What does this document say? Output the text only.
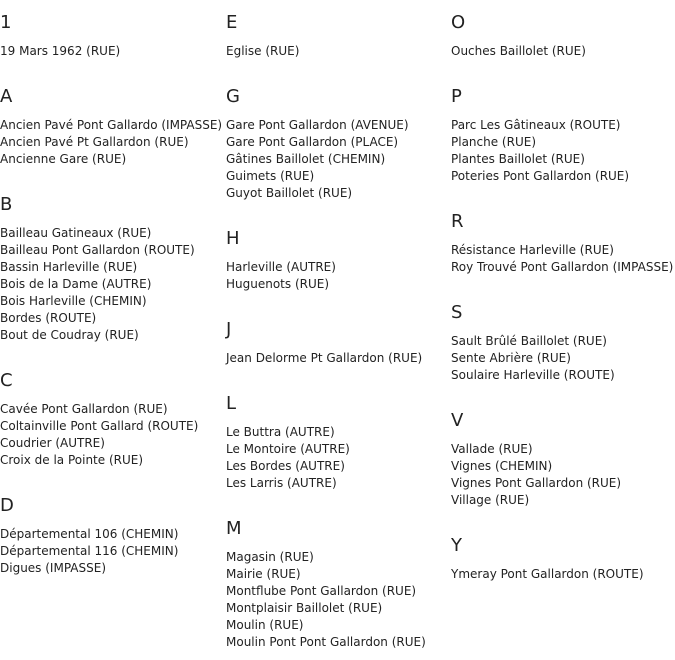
1
19 Mars 1962 (RUE)
A
Ancien Pavé Pont Gallardo (IMPASSE)
Ancien Pavé Pt Gallardon (RUE)
Ancienne Gare (RUE)
B
Bailleau Gatineaux (RUE)
Bailleau Pont Gallardon (ROUTE)
Bassin Harleville (RUE)
Bois de la Dame (AUTRE)
Bois Harleville (CHEMIN)
Bordes (ROUTE)
Bout de Coudray (RUE)
C
Cavée Pont Gallardon (RUE)
Coltainville Pont Gallard (ROUTE)
Coudrier (AUTRE)
Croix de la Pointe (RUE)
D
Départemental 106 (CHEMIN)
Départemental 116 (CHEMIN)
Digues (IMPASSE)
E
Eglise (RUE)
G
Gare Pont Gallardon (AVENUE)
Gare Pont Gallardon (PLACE)
Gâtines Baillolet (CHEMIN)
Guimets (RUE)
Guyot Baillolet (RUE)
H
Harleville (AUTRE)
Huguenots (RUE)
J
Jean Delorme Pt Gallardon (RUE)
L
Le Buttra (AUTRE)
Le Montoire (AUTRE)
Les Bordes (AUTRE)
Les Larris (AUTRE)
M
Magasin (RUE)
Mairie (RUE)
Montflube Pont Gallardon (RUE)
Montplaisir Baillolet (RUE)
Moulin (RUE)
Moulin Pont Pont Gallardon (RUE)
O
Ouches Baillolet (RUE)
P
Parc Les Gâtineaux (ROUTE)
Planche (RUE)
Plantes Baillolet (RUE)
Poteries Pont Gallardon (RUE)
R
Résistance Harleville (RUE)
Roy Trouvé Pont Gallardon (IMPASSE)
S
Sault Brûlé Baillolet (RUE)
Sente Abrière (RUE)
Soulaire Harleville (ROUTE)
V
Vallade (RUE)
Vignes (CHEMIN)
Vignes Pont Gallardon (RUE)
Village (RUE)
Y
Ymeray Pont Gallardon (ROUTE)
